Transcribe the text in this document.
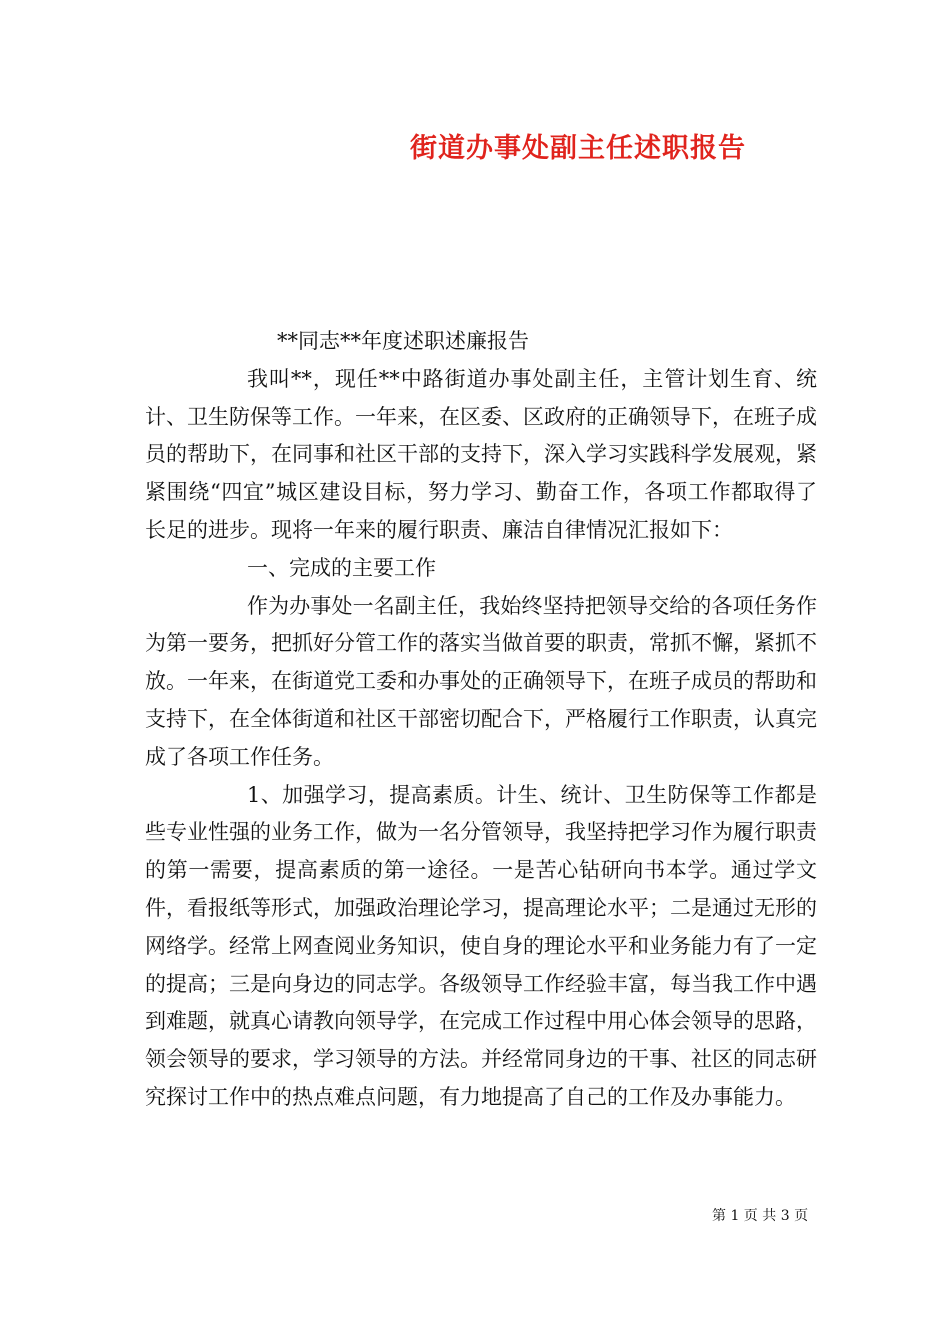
街道办事处副主任述职报告

**同志**年度述职述廉报告

我叫**，现任**中路街道办事处副主任，主管计划生育、统计、卫生防保等工作。一年来，在区委、区政府的正确领导下，在班子成员的帮助下，在同事和社区干部的支持下，深入学习实践科学发展观，紧紧围绕“四宜”城区建设目标，努力学习、勤奋工作，各项工作都取得了长足的进步。现将一年来的履行职责、廉洁自律情况汇报如下：

一、完成的主要工作

作为办事处一名副主任，我始终坚持把领导交给的各项任务作为第一要务，把抓好分管工作的落实当做首要的职责，常抓不懈，紧抓不放。一年来，在街道党工委和办事处的正确领导下，在班子成员的帮助和支持下，在全体街道和社区干部密切配合下，严格履行工作职责，认真完成了各项工作任务。

1、加强学习，提高素质。计生、统计、卫生防保等工作都是些专业性强的业务工作，做为一名分管领导，我坚持把学习作为履行职责的第一需要，提高素质的第一途径。一是苦心钻研向书本学。通过学文件，看报纸等形式，加强政治理论学习，提高理论水平；二是通过无形的网络学。经常上网查阅业务知识，使自身的理论水平和业务能力有了一定的提高；三是向身边的同志学。各级领导工作经验丰富，每当我工作中遇到难题，就真心请教向领导学，在完成工作过程中用心体会领导的思路，领会领导的要求，学习领导的方法。并经常同身边的干事、社区的同志研究探讨工作中的热点难点问题，有力地提高了自己的工作及办事能力。

第 1 页 共 3 页
